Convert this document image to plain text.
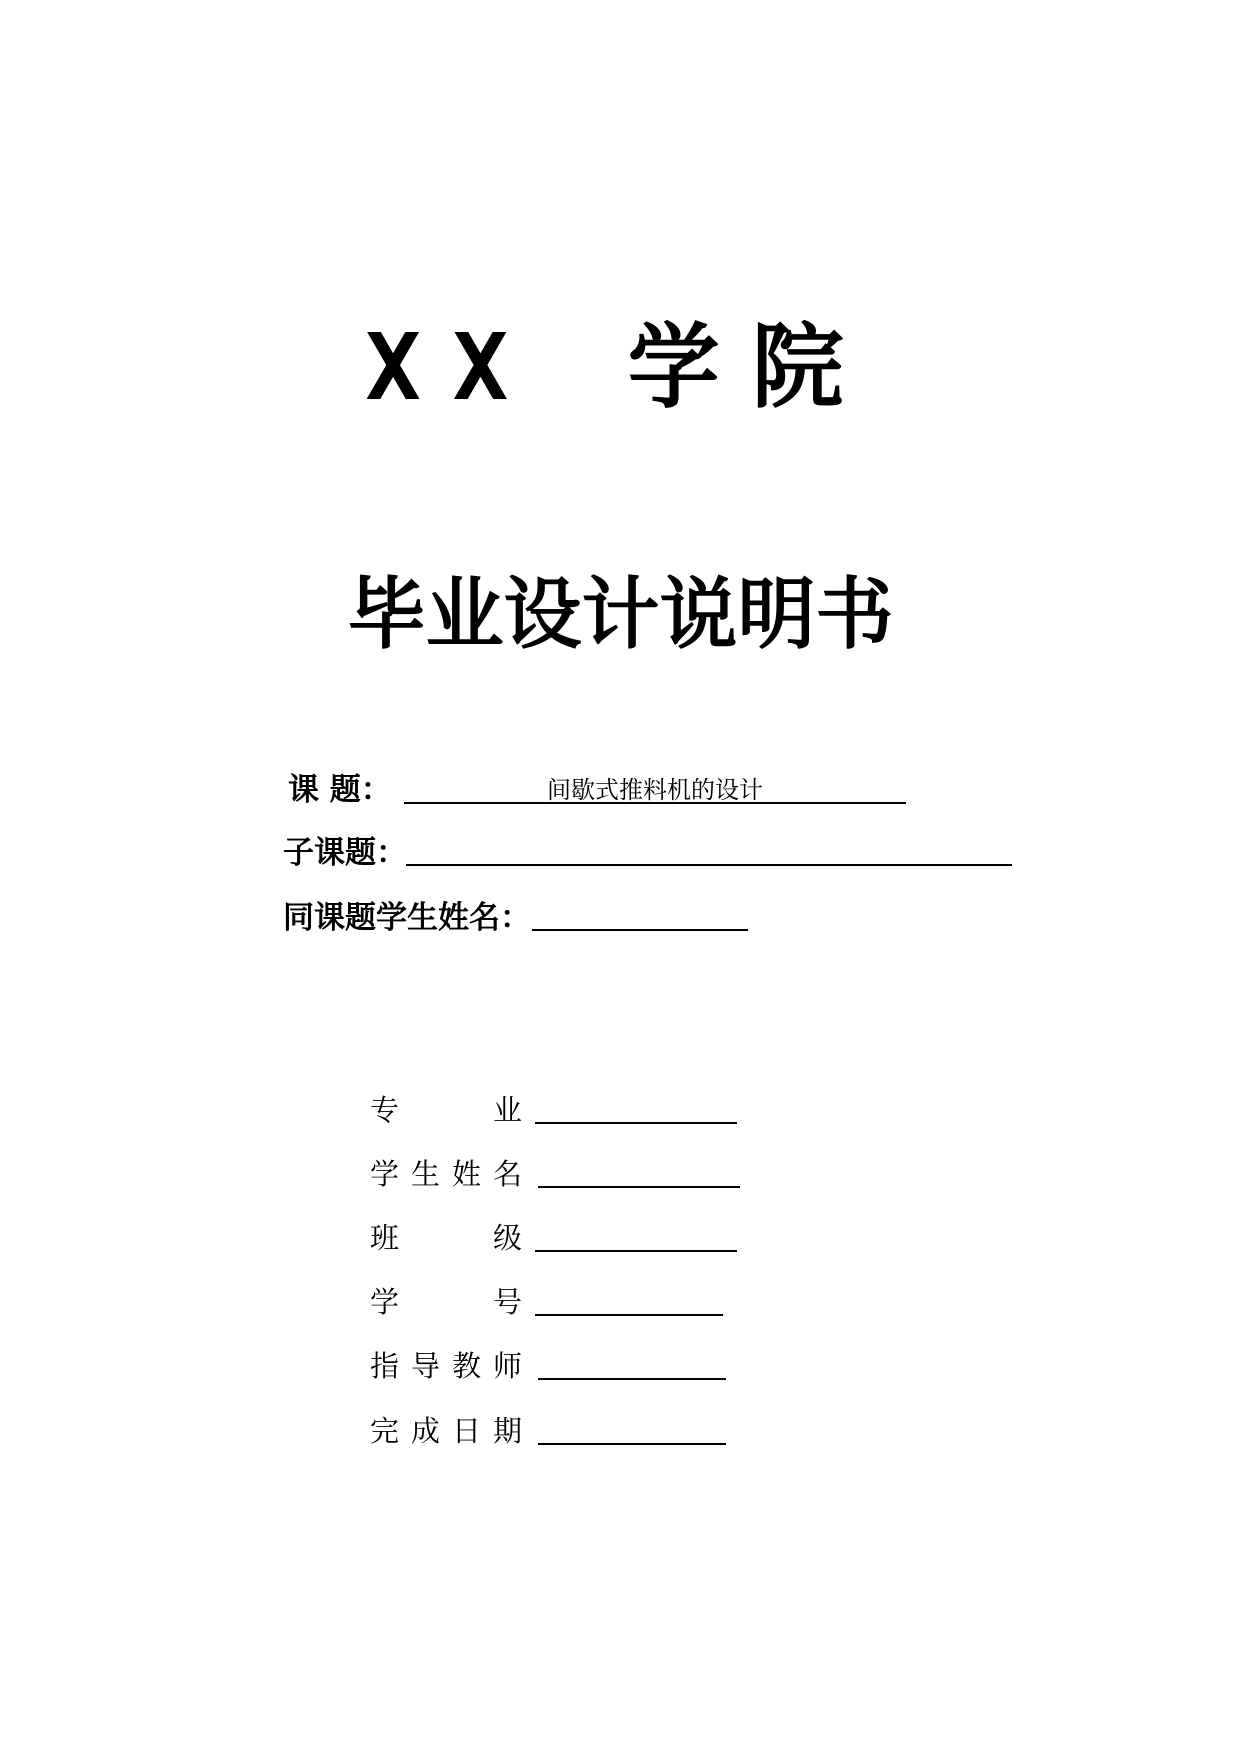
XX 学院
毕业设计说明书
课 题：	间歇式推料机的设计
子课题：
同课题学生姓名：
专	业
学 生 姓 名
班	级
学	号
指 导 教 师
完 成 日 期
